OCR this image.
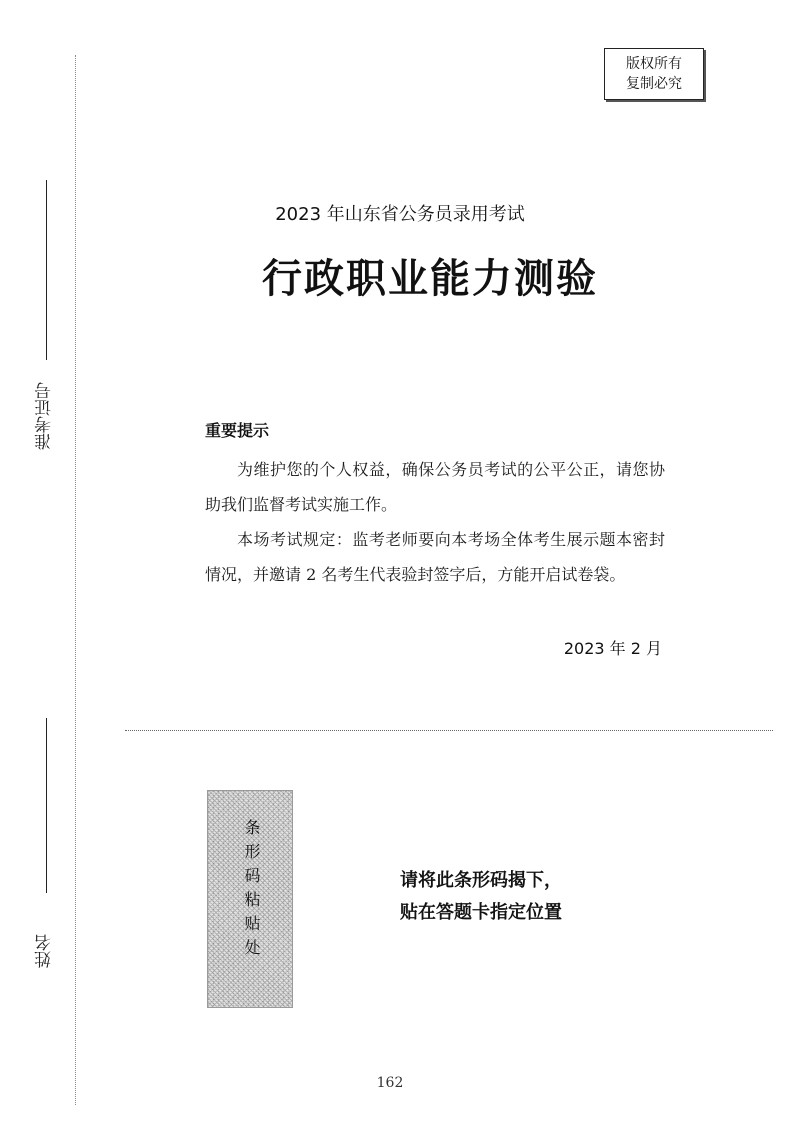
准考证号
姓名
版权所有
复制必究
2023 年山东省公务员录用考试
行政职业能力测验
重要提示

为维护您的个人权益，确保公务员考试的公平公正，请您协助我们监督考试实施工作。

本场考试规定：监考老师要向本考场全体考生展示题本密封情况，并邀请 2 名考生代表验封签字后，方能开启试卷袋。

2023 年 2 月
条形码粘贴处	请将此条形码揭下，
贴在答题卡指定位置
162
